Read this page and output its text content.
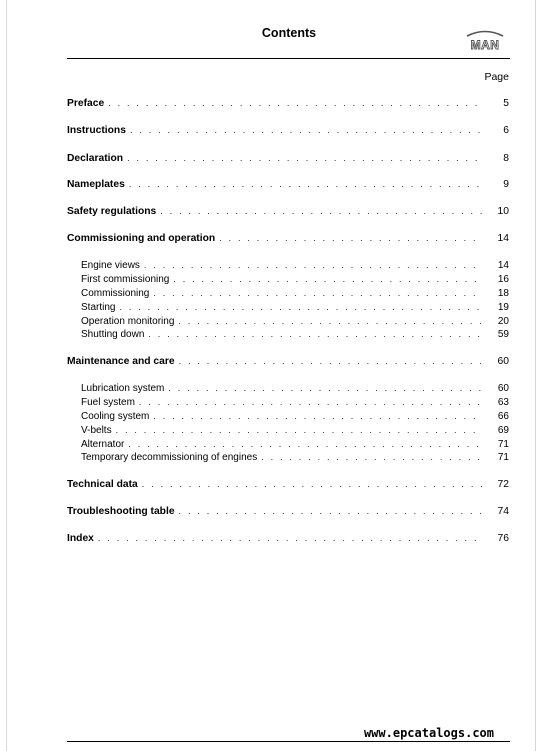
Contents
MAN
Page
Preface . . .	5
Instructions . . .	6
Declaration . . .	8
Nameplates . . .	9
Safety regulations . . .	10
Commissioning and operation . . .	14
Engine views . . .	14
First commissioning . . .	16
Commissioning . . .	18
Starting . . .	19
Operation monitoring . . .	20
Shutting down . . .	59
Maintenance and care . . .	60
Lubrication system . . .	60
Fuel system . . .	63
Cooling system . . .	66
V-belts . . .	69
Alternator . . .	71
Temporary decommissioning of engines . . .	71
Technical data . . .	72
Troubleshooting table . . .	74
Index . . .	76
www.epcatalogs.com
